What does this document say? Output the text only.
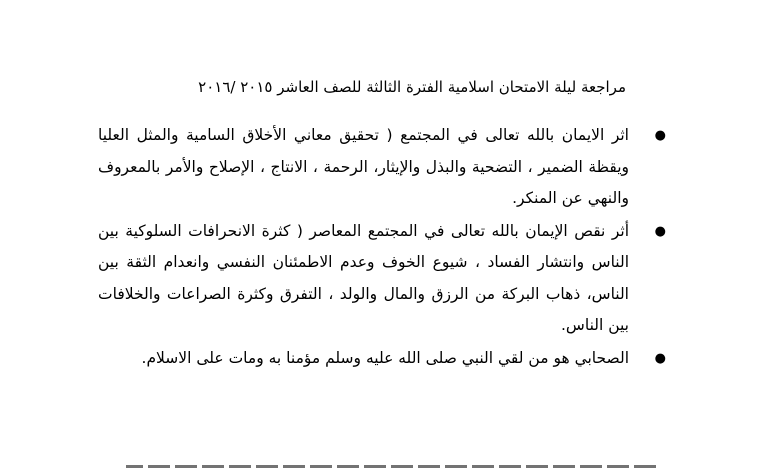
مراجعة ليلة الامتحان اسلامية الفترة الثالثة للصف العاشر ٢٠١٥ /٢٠١٦
●
اثر الايمان بالله تعالى في المجتمع ( تحقيق معاني الأخلاق السامية والمثل العليا ويقظة الضمير ، التضحية والبذل والإيثار، الرحمة ، الانتاج ، الإصلاح والأمر بالمعروف والنهي عن المنكر.
●
أثر نقص الإيمان بالله تعالى في المجتمع المعاصر ( كثرة الانحرافات السلوكية بين الناس وانتشار الفساد ، شيوع الخوف وعدم الاطمئنان النفسي وانعدام الثقة بين الناس، ذهاب البركة من الرزق والمال والولد ، التفرق وكثرة الصراعات والخلافات بين الناس.
●
الصحابي هو من لقي النبي صلى الله عليه وسلم مؤمنا به ومات على الاسلام.
